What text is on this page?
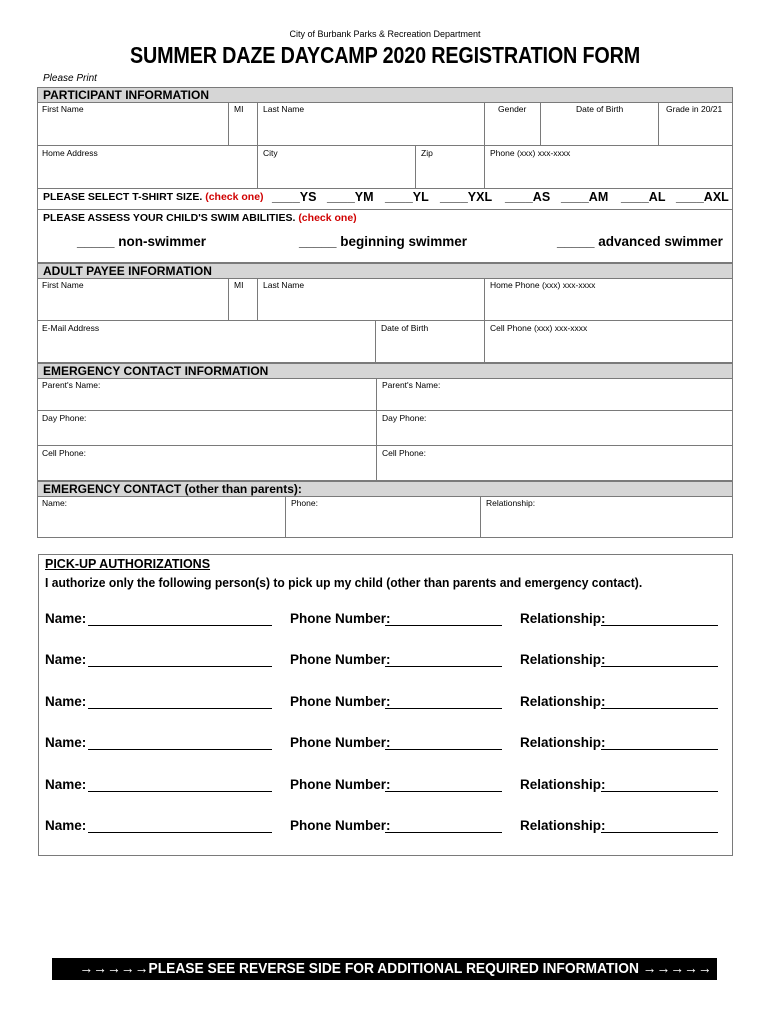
City of Burbank Parks & Recreation Department
SUMMER DAZE DAYCAMP 2020 REGISTRATION FORM
Please Print
PARTICIPANT INFORMATION
First Name	MI	Last Name	Gender	Date of Birth	Grade in 20/21
Home Address	City	Zip	Phone (xxx) xxx-xxxx
PLEASE SELECT T-SHIRT SIZE. (check one) ____YS ____YM ____YL ____YXL ____AS ____AM ____AL ____AXL
PLEASE ASSESS YOUR CHILD'S SWIM ABILITIES. (check one)
_____ non-swimmer	_____ beginning swimmer	_____ advanced swimmer
ADULT PAYEE INFORMATION
First Name	MI	Last Name	Home Phone (xxx) xxx-xxxx
E-Mail Address	Date of Birth	Cell Phone (xxx) xxx-xxxx
EMERGENCY CONTACT INFORMATION
Parent's Name:	Parent's Name:
Day Phone:	Day Phone:
Cell Phone:	Cell Phone:
EMERGENCY CONTACT (other than parents):
Name:	Phone:	Relationship:
PICK-UP AUTHORIZATIONS
I authorize only the following person(s) to pick up my child (other than parents and emergency contact).
Name:	Phone Number:	Relationship:
Name:	Phone Number:	Relationship:
Name:	Phone Number:	Relationship:
Name:	Phone Number:	Relationship:
Name:	Phone Number:	Relationship:
Name:	Phone Number:	Relationship:
→→→→→PLEASE SEE REVERSE SIDE FOR ADDITIONAL REQUIRED INFORMATION →→→→→
